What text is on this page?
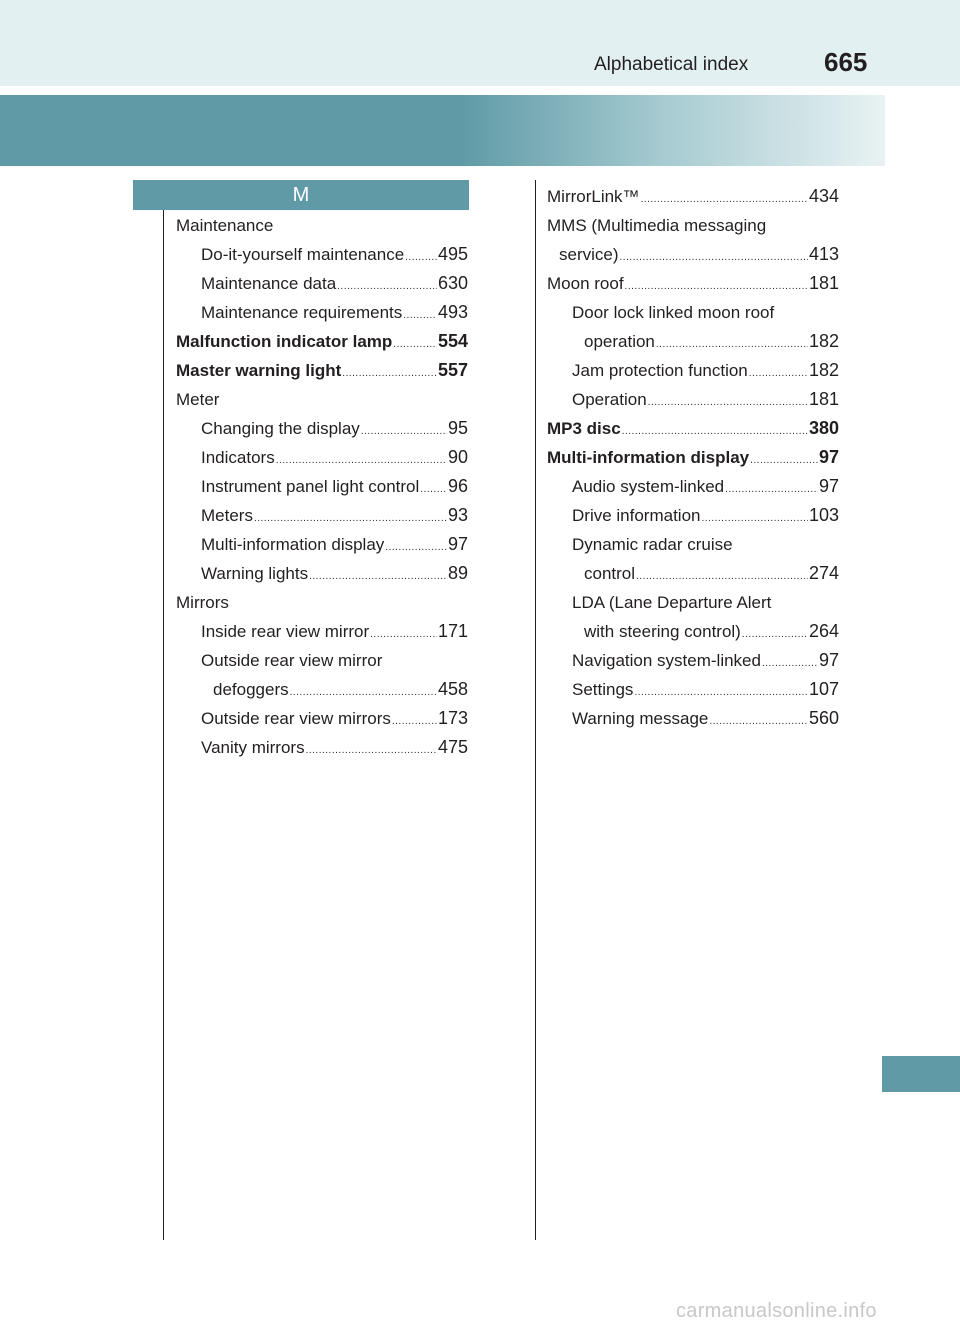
Alphabetical index	665
M
Maintenance
Do-it-yourself maintenance ..... 495
Maintenance data .....	630
Maintenance requirements ..... 493
Malfunction indicator lamp .....	554
Master warning light .....	557
Meter
Changing the display .....	95
Indicators .....	90
Instrument panel light control ..... 96
Meters .....	93
Multi-information display .....	97
Warning lights .....	89
Mirrors
Inside rear view mirror .....	171
Outside rear view mirror
defoggers .....	458
Outside rear view mirrors .....	173
Vanity mirrors .....	475
MirrorLink™ .....	434
MMS (Multimedia messaging
service) .....	413
Moon roof .....	181
Door lock linked moon roof
operation .....	182
Jam protection function .....	182
Operation .....	181
MP3 disc .....	380
Multi-information display .....	97
Audio system-linked .....	97
Drive information .....	103
Dynamic radar cruise
control .....	274
LDA (Lane Departure Alert
with steering control) .....	264
Navigation system-linked .....	97
Settings .....	107
Warning message .....	560
carmanualsonline.info
